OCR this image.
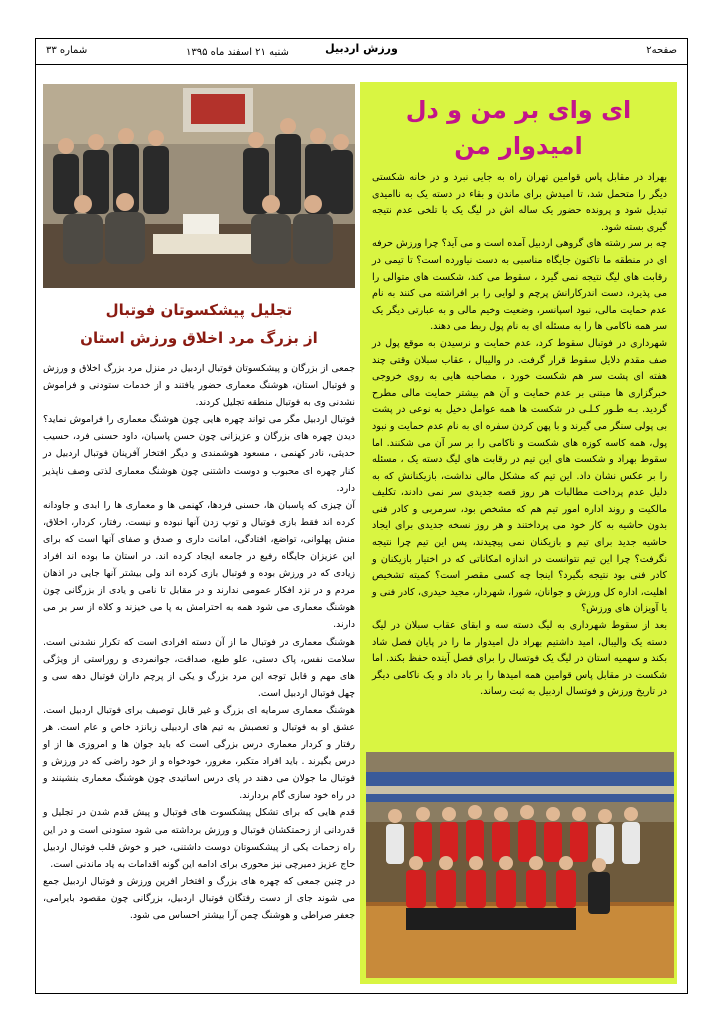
صفحه۲
ورزش اردبیل
شنبه ۲۱ اسفند ماه ۱۳۹۵
شماره ۳۳
ای وای بر من و دل
امیدوار من

بهراد در مقابل پاس قوامین تهران راه به جایی نبرد و در خانه شکستی دیگر را متحمل شد، تا امیدش برای ماندن و بقاء در دسته یک به ناامیدی تبدیل شود و پرونده حضور یک ساله اش در لیگ یک با تلخی عدم نتیجه گیری بسته شود.

چه بر سر رشته های گروهی اردبیل آمده است و می آید؟ چرا ورزش حرفه ای در منطقه ما تاکنون جایگاه مناسبی به دست نیاورده است؟ تا تیمی در رقابت های لیگ نتیجه نمی گیرد ، سقوط می کند، شکست های متوالی را می پذیرد، دست اندرکارانش پرچم و لوایی را بر افراشته می کنند به نام عدم حمایت مالی، نبود اسپانسر، وضعیت وخیم مالی و به عبارتی دیگر یک سر همه ناکامی ها را به مسئله ای به نام پول ربط می دهند.

شهرداری در فوتبال سقوط کرد، عدم حمایت و نرسیدن به موقع پول در صف مقدم دلایل سقوط قرار گرفت. در والیبال ، عقاب سبلان وقتی چند هفته ای پشت سر هم شکست خورد ، مصاحبه هایی به روی خروجی خبرگزاری ها مبتنی بر عدم حمایت و آن هم بیشتر حمایت مالی مطرح گردید. بـه طـور کـلـی در شکست ها همه عوامل دخیل به نوعی در پشت بی پولی سنگر می گیرند و با پهن کردن سفره ای به نام عدم حمایت و نبود پول، همه کاسه کوزه های شکست و ناکامی را بر سر آن می شکنند. اما سقوط بهراد و شکست های این تیم در رقابت های لیگ دسته یک ، مسئله را بر عکس نشان داد. این تیم که مشکل مالی نداشت، بازیکنانش که به دلیل عدم پرداخت مطالبات هر روز قصه جدیدی سر نمی دادند، تکلیف مالکیت و روند اداره امور تیم هم که مشخص بود، سرمربی و کادر فنی بدون حاشیه به کار خود می پرداختند و هر روز نسخه جدیدی برای ایجاد حاشیه جدید برای تیم و بازیکنان نمی پیچیدند، پس این تیم چرا نتیجه نگرفت؟ چرا این تیم نتوانست در اندازه امکاناتی که در اختیار بازیکنان و کادر فنی بود نتیجه بگیرد؟ اینجا چه کسی مقصر است؟ کمیته تشخیص اهلیت، اداره کل ورزش و جوانان، شورا، شهردار، مجید حیدری، کادر فنی و یا آویزان های ورزش؟

بعد از سقوط شهرداری به لیگ دسته سه و ابقای عقاب سبلان در لیگ دسته یک والیبال، امید داشتیم بهراد دل امیدوار ما را در پایان فصل شاد بکند و سهمیه استان در لیگ یک فوتسال را برای فصل آینده حفظ بکند. اما شکست در مقابل پاس قوامین همه امیدها را بر باد داد و یک ناکامی دیگر در تاریخ ورزش و فوتسال اردبیل به ثبت رساند.

تجلیل پیشکسوتان فوتبال
از بزرگ مرد اخلاق ورزش استان

جمعی از بزرگان و پیشکسوتان فوتبال اردبیل در منزل مرد بزرگ اخلاق و ورزش و فوتبال استان، هوشنگ معماری حضور یافتند و از خدمات ستودنی و فراموش نشدنی وی به فوتبال منطقه تجلیل کردند.

فوتبال اردبیل مگر می تواند چهره هایی چون هوشنگ معماری را فراموش نماید؟ دیدن چهره های بزرگان و عزیزانی چون حسن پاسبان، داود حسنی فرد، حسیب حدیثی، نادر کهنمی ، مسعود هوشمندی و دیگر افتخار آفرینان فوتبال اردبیل در کنار چهره ای محبوب و دوست داشتنی چون هوشنگ معماری لذتی وصف ناپذیر دارد.

آن چیزی که پاسبان ها، حسنی فردها، کهنمی ها و معماری ها را ابدی و جاودانه کرده اند فقط بازی فوتبال و توپ زدن آنها نبوده و نیست. رفتار، کردار، اخلاق، منش پهلوانی، تواضع، افتادگی، امانت داری و صدق و صفای آنها است که برای این عزیزان جایگاه رفیع در جامعه ایجاد کرده اند. در استان ما بوده اند افراد زیادی که در ورزش بوده و فوتبال بازی کرده اند ولی بیشتر آنها جایی در اذهان مردم و در نزد افکار عمومی ندارند و در مقابل تا نامی و یادی از بزرگانی چون هوشنگ معماری می شود همه به احترامش به پا می خیزند و کلاه از سر بر می دارند.

هوشنگ معماری در فوتبال ما از آن دسته افرادی است که تکرار نشدنی است. سلامت نفس، پاک دستی، علو طبع، صداقت، جوانمردی و روراستی از ویژگی های مهم و قابل توجه این مرد بزرگ و یکی از پرچم داران فوتبال دهه سی و چهل فوتبال اردبیل است.

هوشنگ معماری سرمایه ای بزرگ و غیر قابل توصیف برای فوتبال اردبیل است. عشق او به فوتبال و تعصبش به تیم های اردبیلی زبانزد خاص و عام است. هر رفتار و کردار معماری درس بزرگی است که باید جوان ها و امروزی ها از او درس بگیرند . باید افراد متکبر، مغرور، خودخواه و از خود راضی که در ورزش و فوتبال ما جولان می دهند در پای درس اساتیدی چون هوشنگ معماری بنشینند و در راه خود سازی گام بردارند.

قدم هایی که برای تشکل پیشکسوت های فوتبال و پیش قدم شدن در تجلیل و قدردانی از زحمتکشان فوتبال و ورزش برداشته می شود ستودنی است و در این راه زحمات یکی از پیشکسوتان دوست داشتنی، خیر و خوش قلب فوتبال اردبیل حاج عزیز دمیرچی نیز محوری برای ادامه این گونه اقدامات به یاد ماندنی است.

در چنین جمعی که چهره های بزرگ و افتخار افرین ورزش و فوتبال اردبیل جمع می شوند جای از دست رفتگان فوتبال اردبیل، بزرگانی چون مقصود بایرامی، جعفر صراطی و هوشنگ چمن آرا بیشتر احساس می شود.
